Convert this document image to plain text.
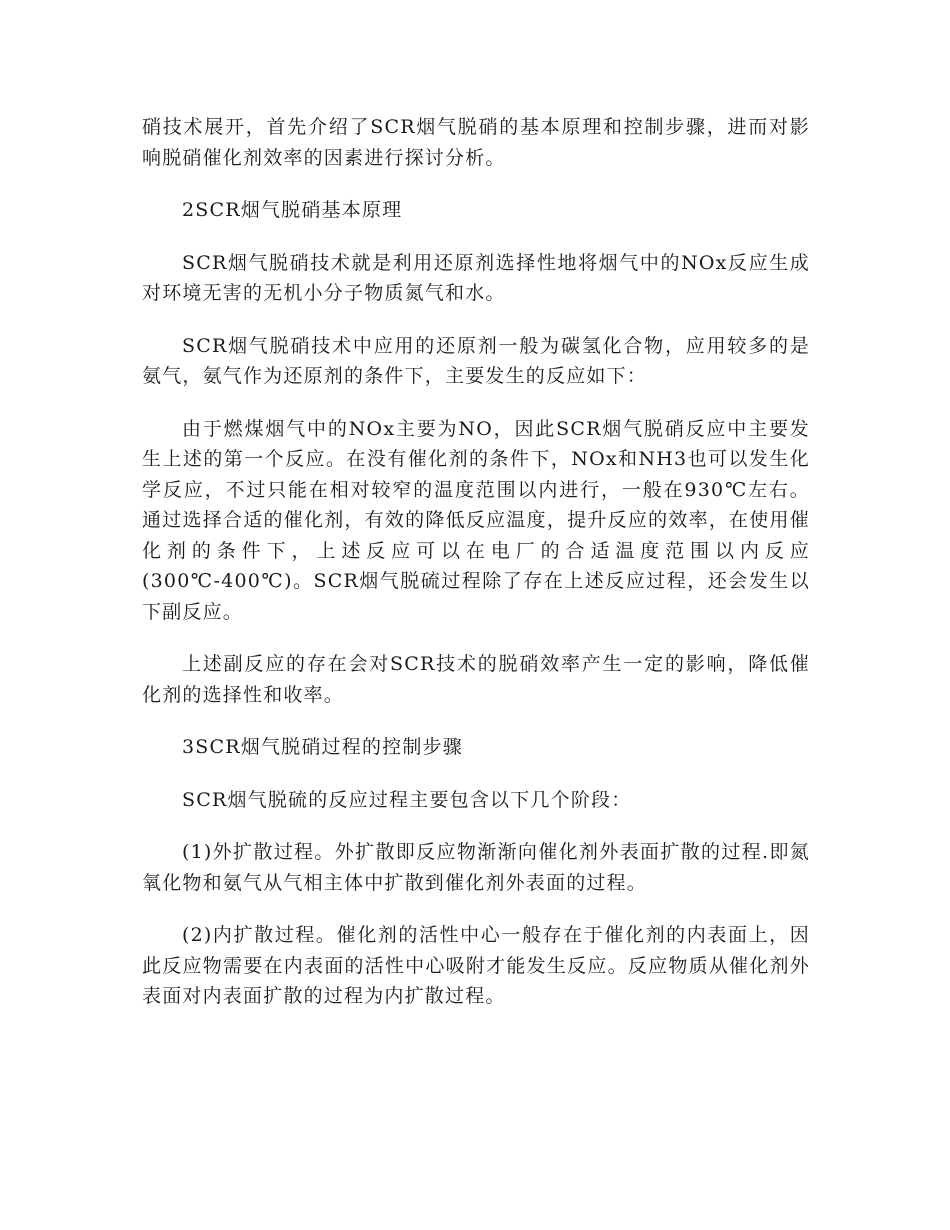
硝技术展开，首先介绍了SCR烟气脱硝的基本原理和控制步骤，进而对影响脱硝催化剂效率的因素进行探讨分析。

2SCR烟气脱硝基本原理

SCR烟气脱硝技术就是利用还原剂选择性地将烟气中的NOx反应生成对环境无害的无机小分子物质氮气和水。

SCR烟气脱硝技术中应用的还原剂一般为碳氢化合物，应用较多的是氨气，氨气作为还原剂的条件下，主要发生的反应如下：

由于燃煤烟气中的NOx主要为NO，因此SCR烟气脱硝反应中主要发生上述的第一个反应。在没有催化剂的条件下，NOx和NH3也可以发生化学反应，不过只能在相对较窄的温度范围以内进行，一般在930℃左右。通过选择合适的催化剂，有效的降低反应温度，提升反应的效率，在使用催化剂的条件下，上述反应可以在电厂的合适温度范围以内反应(300℃-400℃)。SCR烟气脱硫过程除了存在上述反应过程，还会发生以下副反应。

上述副反应的存在会对SCR技术的脱硝效率产生一定的影响，降低催化剂的选择性和收率。

3SCR烟气脱硝过程的控制步骤

SCR烟气脱硫的反应过程主要包含以下几个阶段：

(1)外扩散过程。外扩散即反应物渐渐向催化剂外表面扩散的过程.即氮氧化物和氨气从气相主体中扩散到催化剂外表面的过程。

(2)内扩散过程。催化剂的活性中心一般存在于催化剂的内表面上，因此反应物需要在内表面的活性中心吸附才能发生反应。反应物质从催化剂外表面对内表面扩散的过程为内扩散过程。
